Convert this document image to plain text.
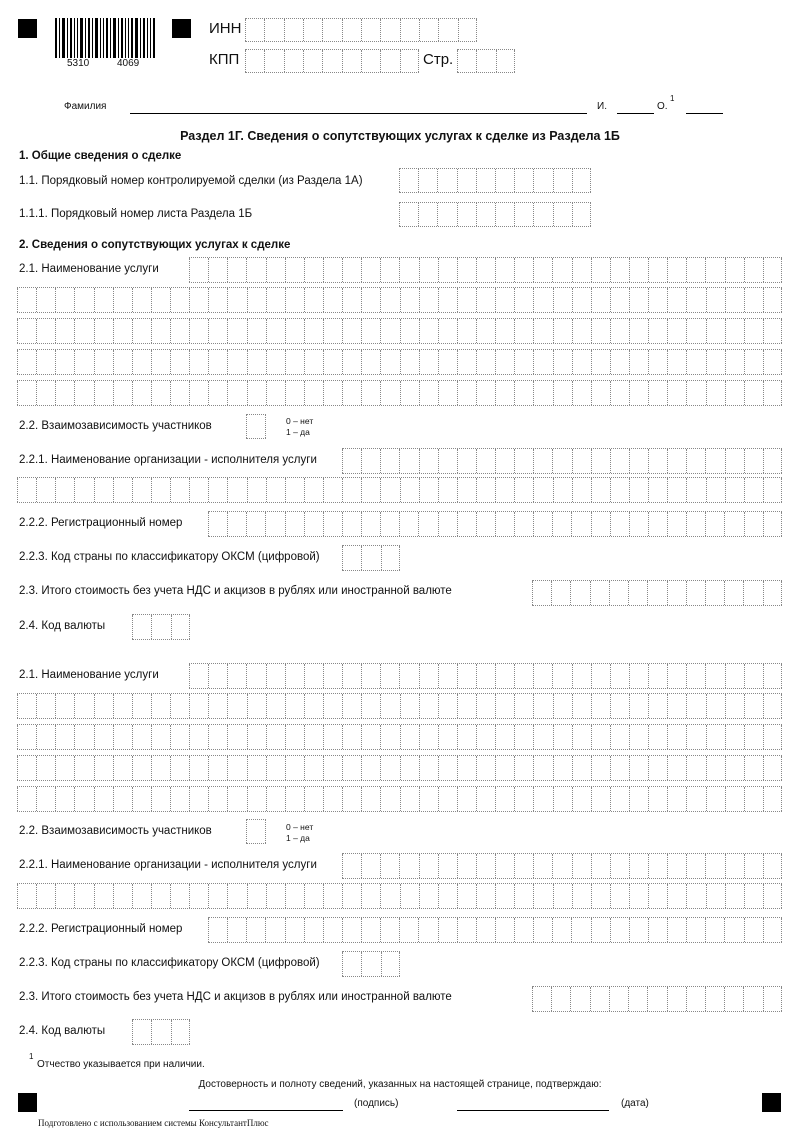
5310	4069
ИНН
КПП	Стр.
Фамилия	И.	О.
1
Раздел 1Г. Сведения о сопутствующих услугах к сделке из Раздела 1Б
1. Общие сведения о сделке
1.1. Порядковый номер контролируемой сделки (из Раздела 1А)
1.1.1. Порядковый номер листа Раздела 1Б
2. Сведения о сопутствующих услугах к сделке
2.1. Наименование услуги
2.2. Взаимозависимость участников	0 – нет
1 – да
2.2.1. Наименование организации - исполнителя услуги
2.2.2. Регистрационный номер
2.2.3. Код страны по классификатору ОКСМ (цифровой)
2.3. Итого стоимость без учета НДС и акцизов в рублях или иностранной валюте
2.4. Код валюты
2.1. Наименование услуги
2.2. Взаимозависимость участников	0 – нет
1 – да
2.2.1. Наименование организации - исполнителя услуги
2.2.2. Регистрационный номер
2.2.3. Код страны по классификатору ОКСМ (цифровой)
2.3. Итого стоимость без учета НДС и акцизов в рублях или иностранной валюте
2.4. Код валюты
1
Отчество указывается при наличии.
Достоверность и полноту сведений, указанных на настоящей странице, подтверждаю:
(подпись)	(дата)
Подготовлено с использованием системы КонсультантПлюс
